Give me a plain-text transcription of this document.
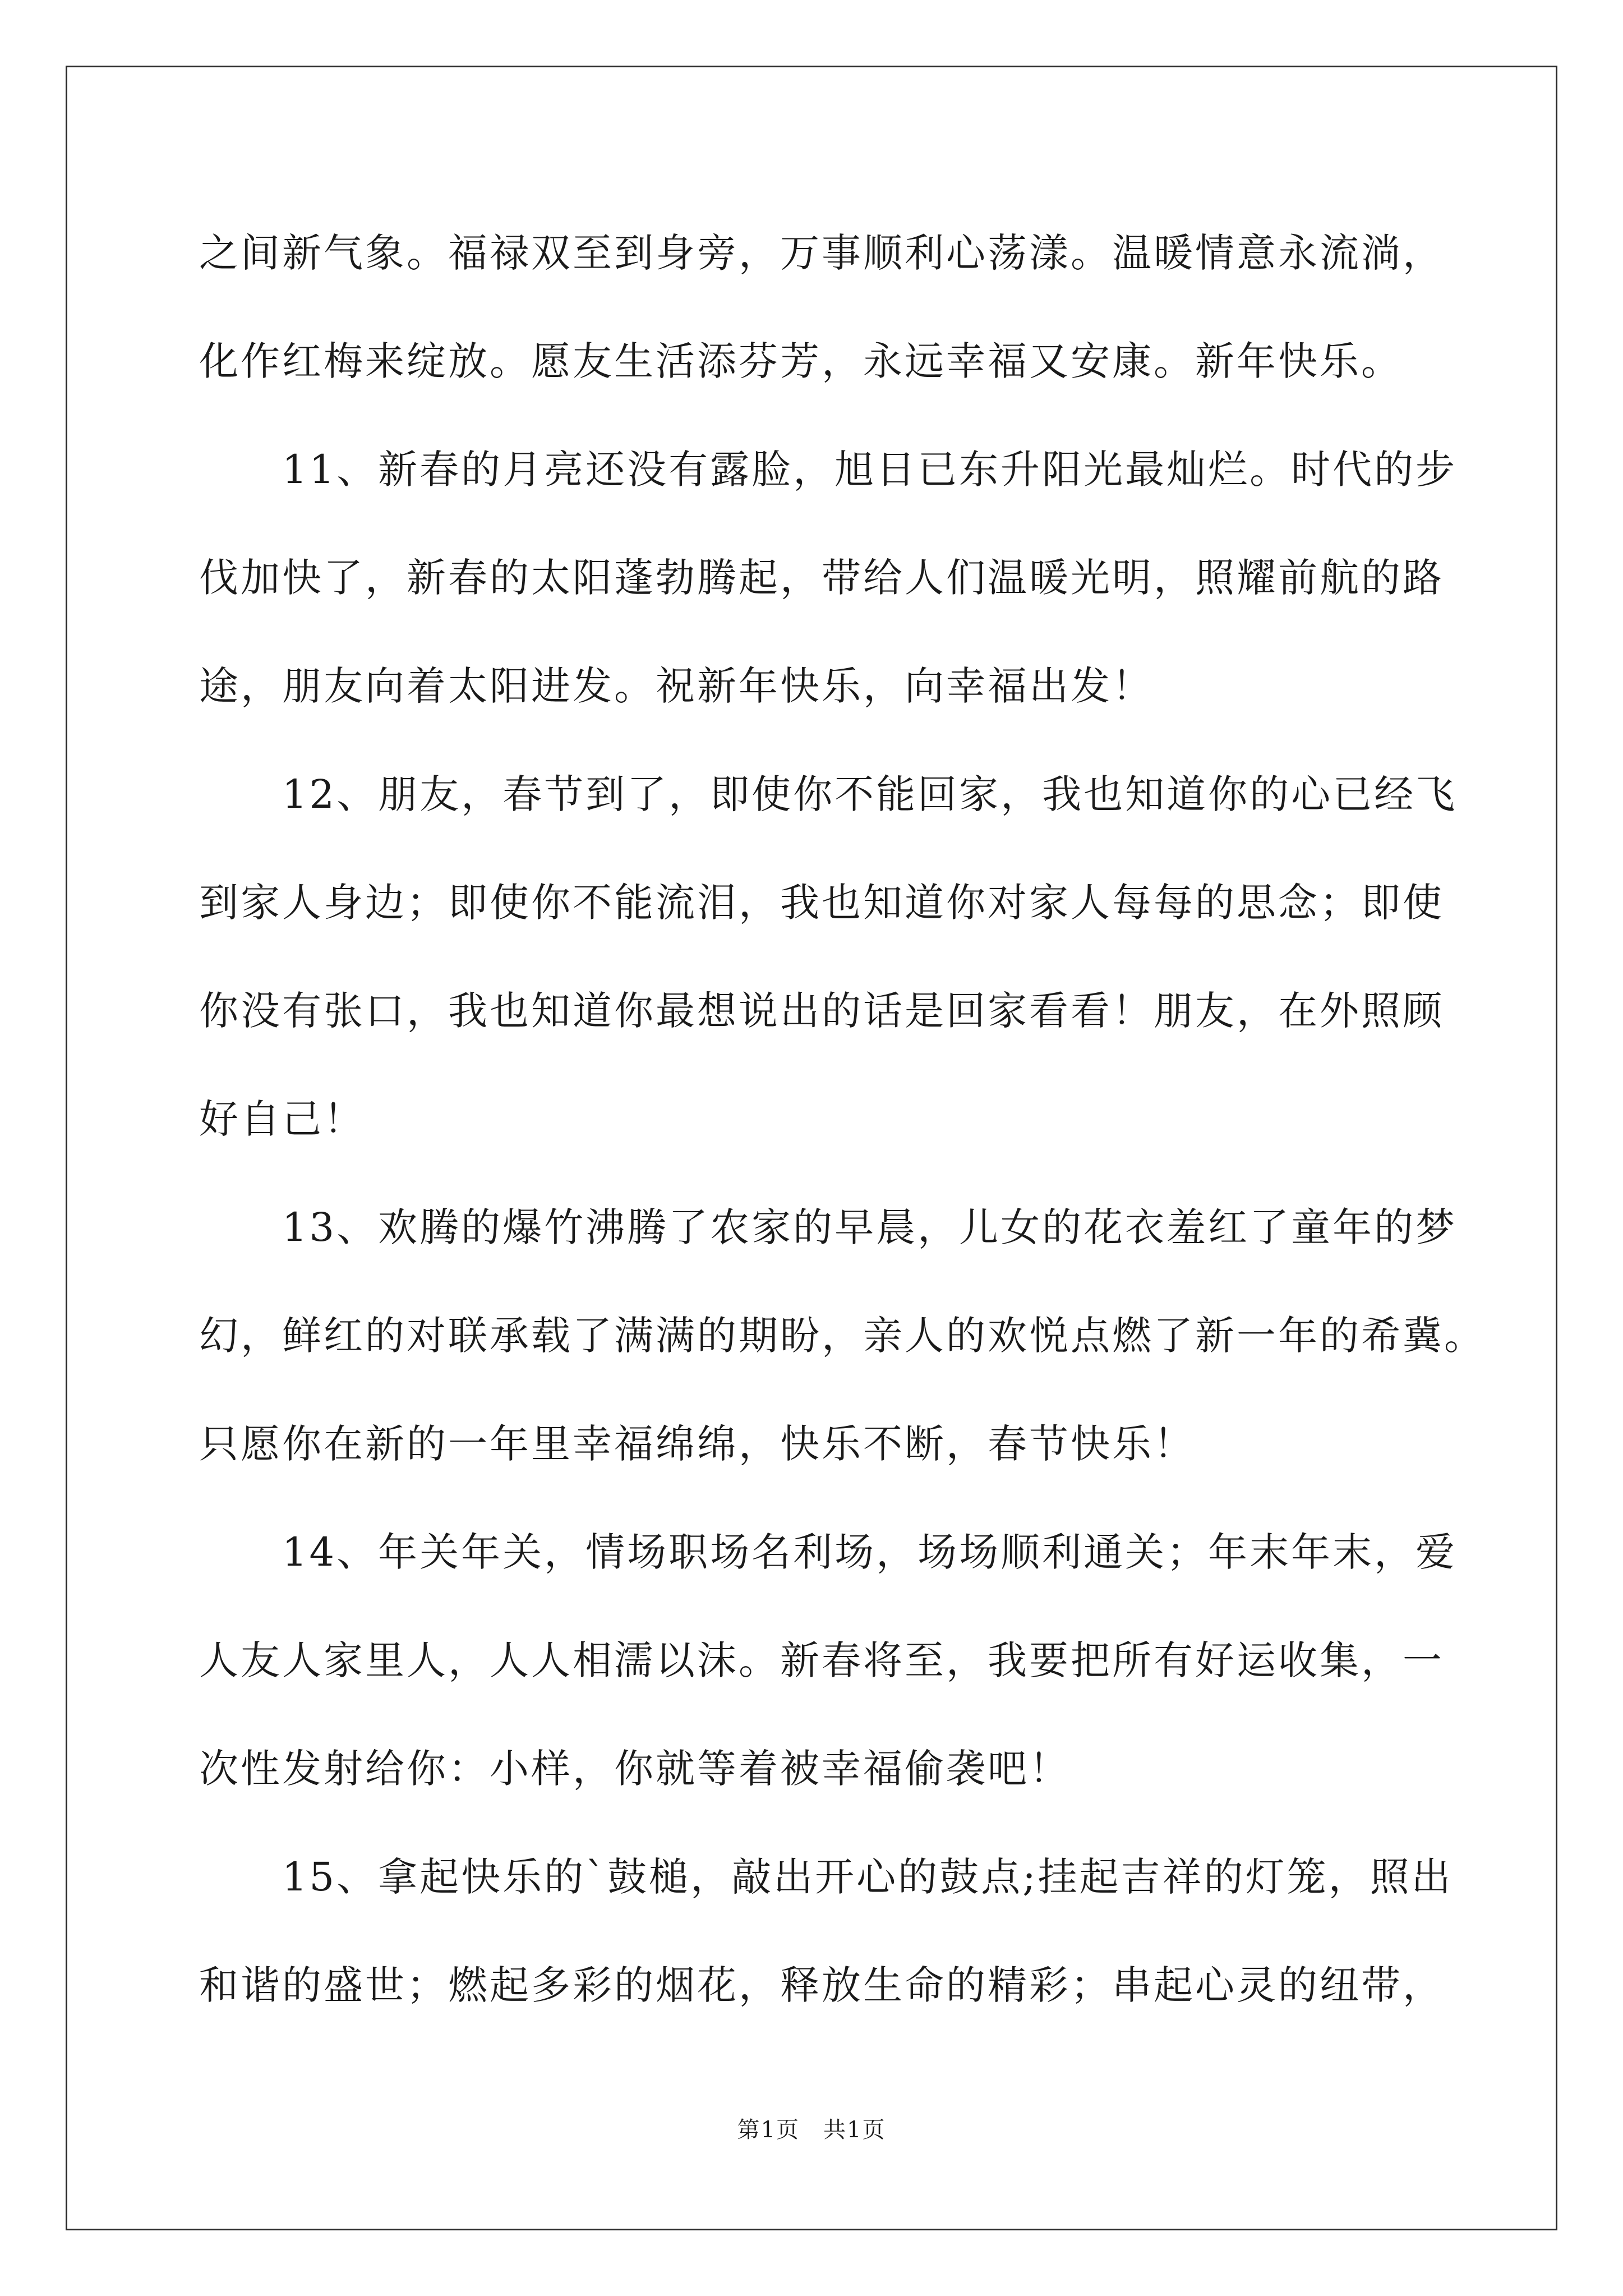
之间新气象。福禄双至到身旁，万事顺利心荡漾。温暖情意永流淌，
化作红梅来绽放。愿友生活添芬芳，永远幸福又安康。新年快乐。

11、新春的月亮还没有露脸，旭日已东升阳光最灿烂。时代的步
伐加快了，新春的太阳蓬勃腾起，带给人们温暖光明，照耀前航的路
途，朋友向着太阳进发。祝新年快乐，向幸福出发！

12、朋友，春节到了，即使你不能回家，我也知道你的心已经飞
到家人身边；即使你不能流泪，我也知道你对家人每每的思念；即使
你没有张口，我也知道你最想说出的话是回家看看！朋友，在外照顾
好自己！

13、欢腾的爆竹沸腾了农家的早晨，儿女的花衣羞红了童年的梦
幻，鲜红的对联承载了满满的期盼，亲人的欢悦点燃了新一年的希冀。
只愿你在新的一年里幸福绵绵，快乐不断，春节快乐！

14、年关年关，情场职场名利场，场场顺利通关；年末年末，爱
人友人家里人，人人相濡以沫。新春将至，我要把所有好运收集，一
次性发射给你：小样，你就等着被幸福偷袭吧！

15、拿起快乐的`鼓槌，敲出开心的鼓点;挂起吉祥的灯笼，照出
和谐的盛世；燃起多彩的烟花，释放生命的精彩；串起心灵的纽带，

第1页　共1页
